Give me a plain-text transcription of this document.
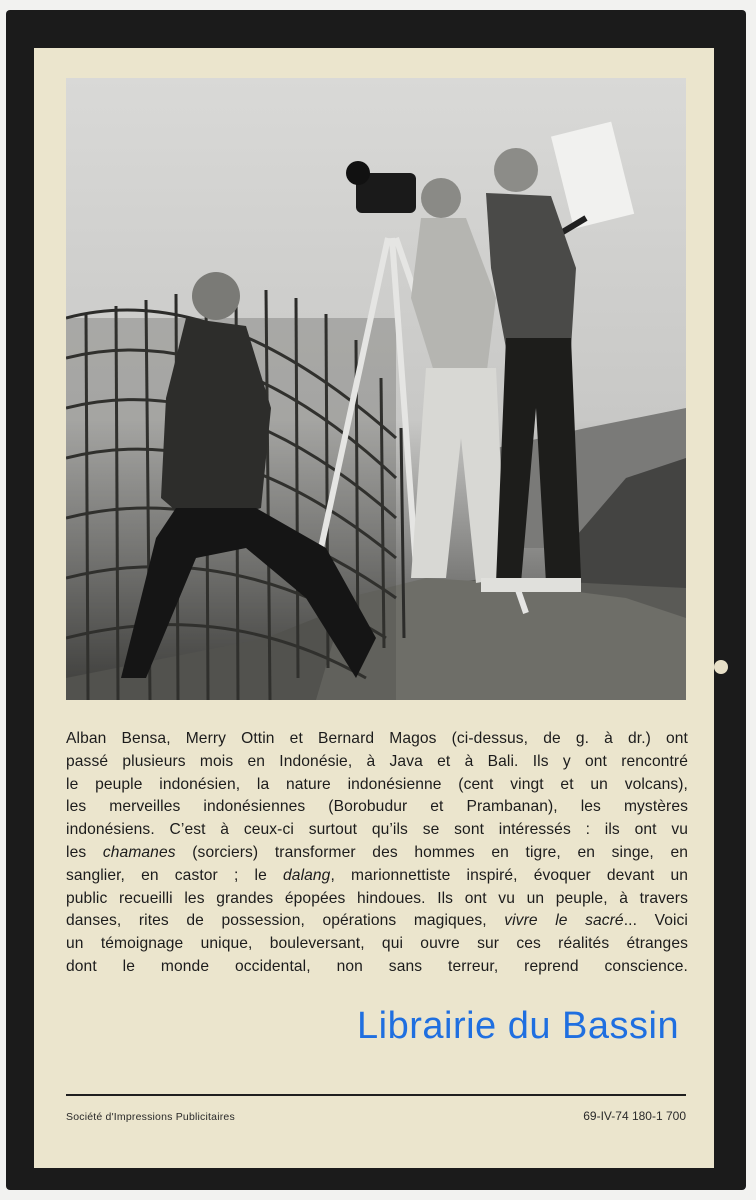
Alban Bensa, Merry Ottin et Bernard Magos (ci-dessus, de g. à dr.) ont
passé plusieurs mois en Indonésie, à Java et à Bali. Ils y ont rencontré
le peuple indonésien, la nature indonésienne (cent vingt et un volcans),
les merveilles indonésiennes (Borobudur et Prambanan), les mystères
indonésiens. C’est à ceux-ci surtout qu’ils se sont intéressés : ils ont vu
les chamanes (sorciers) transformer des hommes en tigre, en singe, en
sanglier, en castor ; le dalang, marionnettiste inspiré, évoquer devant un
public recueilli les grandes épopées hindoues. Ils ont vu un peuple, à travers
danses, rites de possession, opérations magiques, vivre le sacré... Voici
un témoignage unique, bouleversant, qui ouvre sur ces réalités étranges
dont le monde occidental, non sans terreur, reprend conscience.
Librairie du Bassin
Société d'Impressions Publicitaires	69-IV-74 180-1 700
